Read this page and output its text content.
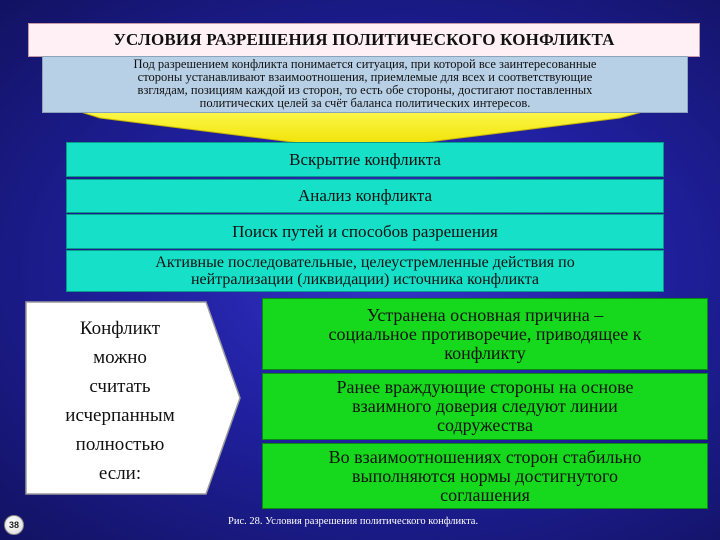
УСЛОВИЯ РАЗРЕШЕНИЯ ПОЛИТИЧЕСКОГО КОНФЛИКТА
Под разрешением конфликта понимается ситуация, при которой все заинтересованные
стороны устанавливают взаимоотношения, приемлемые для всех и соответствующие
взглядам, позициям каждой из сторон, то есть обе стороны, достигают поставленных
политических целей за счёт баланса политических интересов.
Вскрытие конфликта
Анализ конфликта
Поиск путей и способов разрешения
Активные последовательные, целеустремленные действия по
нейтрализации (ликвидации) источника конфликта
Конфликт
можно
считать
исчерпанным
полностью
если:
Устранена основная причина –
социальное противоречие, приводящее к
конфликту
Ранее враждующие стороны на основе
взаимного доверия следуют линии
содружества
Во взаимоотношениях сторон стабильно
выполняются нормы достигнутого
соглашения
38	Рис. 28. Условия разрешения политического конфликта.
